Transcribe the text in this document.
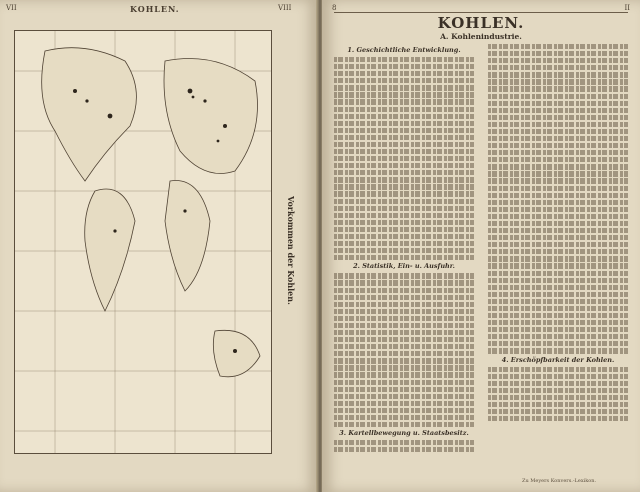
VII	KOHLEN.	VIII
Vorkommen der Kohlen.
8	II
KOHLEN.
A. Kohlenindustrie.
1. Geschichtliche Entwicklung.
2. Statistik, Ein- u. Ausfuhr.
3. Kartellbewegung u. Staatsbesitz.
4. Erschöpfbarkeit der Kohlen.
Zu Meyers Konvers.-Lexikon.
